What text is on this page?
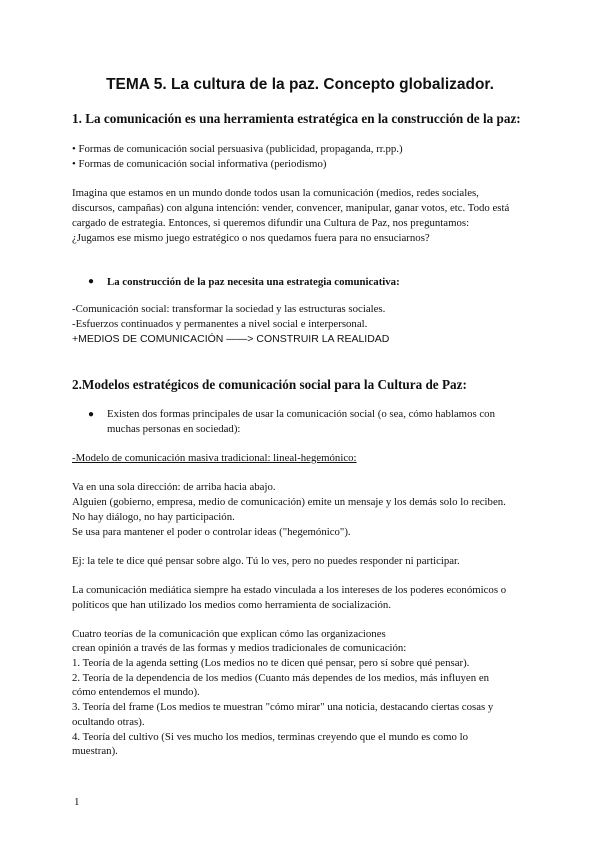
TEMA 5. La cultura de la paz. Concepto globalizador.
1. La comunicación es una herramienta estratégica en la construcción de la paz:
• Formas de comunicación social persuasiva (publicidad, propaganda, rr.pp.)
• Formas de comunicación social informativa (periodismo)
Imagina que estamos en un mundo donde todos usan la comunicación (medios, redes sociales,
discursos, campañas) con alguna intención: vender, convencer, manipular, ganar votos, etc. Todo está
cargado de estrategia. Entonces, si queremos difundir una Cultura de Paz, nos preguntamos:
¿Jugamos ese mismo juego estratégico o nos quedamos fuera para no ensuciarnos?
● La construcción de la paz necesita una estrategia comunicativa:
-Comunicación social: transformar la sociedad y las estructuras sociales.
-Esfuerzos continuados y permanentes a nivel social e interpersonal.
+MEDIOS DE COMUNICACIÓN ——> CONSTRUIR LA REALIDAD
2.Modelos estratégicos de comunicación social para la Cultura de Paz:
● Existen dos formas principales de usar la comunicación social (o sea, cómo hablamos con
muchas personas en sociedad):
-Modelo de comunicación masiva tradicional: lineal-hegemónico:
Va en una sola dirección: de arriba hacia abajo.
Alguien (gobierno, empresa, medio de comunicación) emite un mensaje y los demás solo lo reciben.
No hay diálogo, no hay participación.
Se usa para mantener el poder o controlar ideas ("hegemónico").
Ej: la tele te dice qué pensar sobre algo. Tú lo ves, pero no puedes responder ni participar.
La comunicación mediática siempre ha estado vinculada a los intereses de los poderes económicos o
políticos que han utilizado los medios como herramienta de socialización.
Cuatro teorías de la comunicación que explican cómo las organizaciones
crean opinión a través de las formas y medios tradicionales de comunicación:
1. Teoría de la agenda setting (Los medios no te dicen qué pensar, pero sí sobre qué pensar).
2. Teoría de la dependencia de los medios (Cuanto más dependes de los medios, más influyen en
cómo entendemos el mundo).
3. Teoría del frame (Los medios te muestran "cómo mirar" una noticia, destacando ciertas cosas y
ocultando otras).
4. Teoría del cultivo (Si ves mucho los medios, terminas creyendo que el mundo es como lo
muestran).
1
